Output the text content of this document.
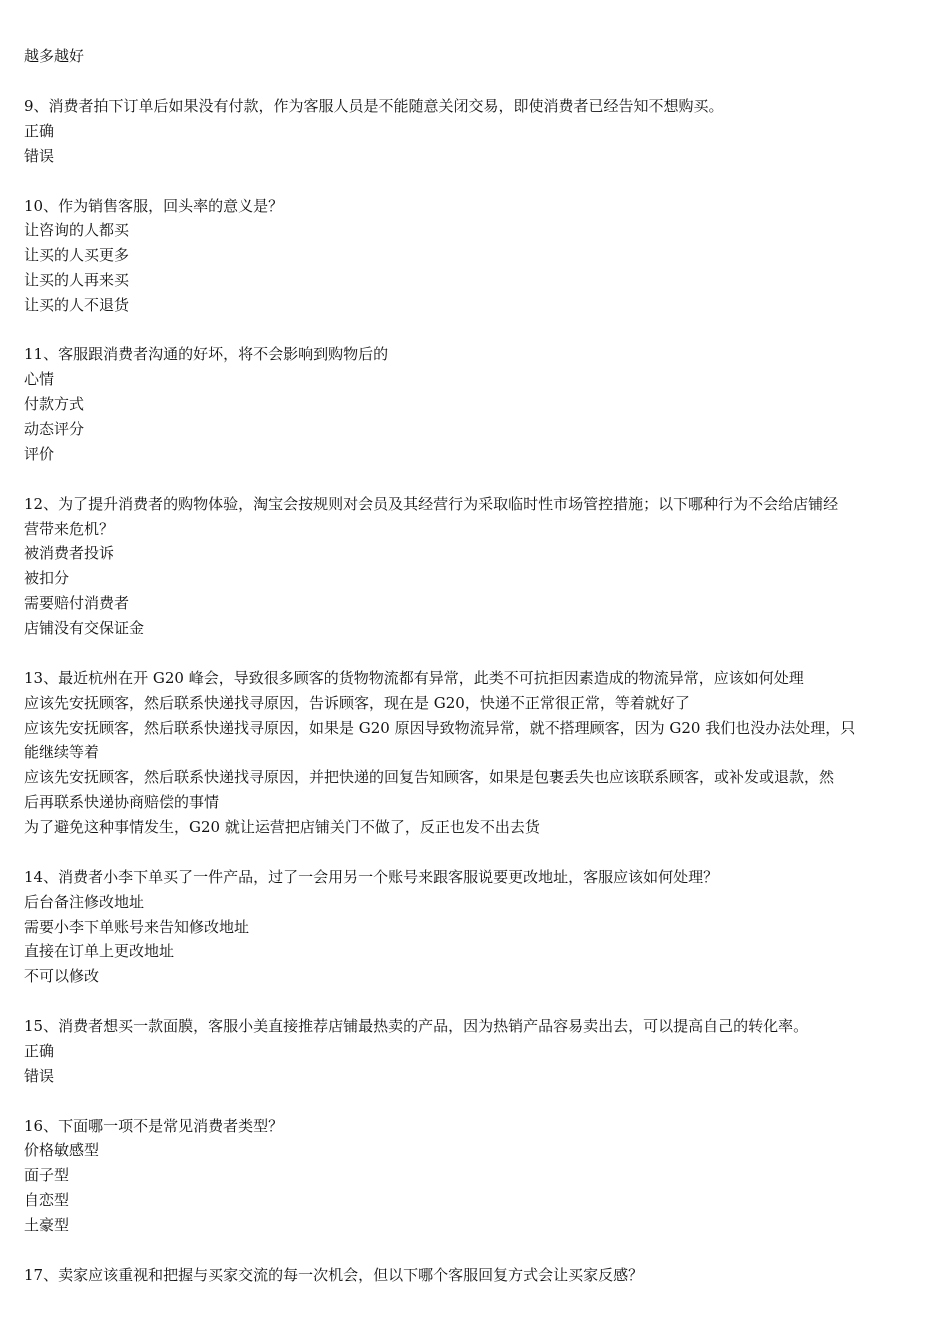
越多越好
9、消费者拍下订单后如果没有付款，作为客服人员是不能随意关闭交易，即使消费者已经告知不想购买。
正确
错误
10、作为销售客服，回头率的意义是？
让咨询的人都买
让买的人买更多
让买的人再来买
让买的人不退货
11、客服跟消费者沟通的好坏，将不会影响到购物后的
心情
付款方式
动态评分
评价
12、为了提升消费者的购物体验，淘宝会按规则对会员及其经营行为采取临时性市场管控措施；以下哪种行为不会给店铺经
营带来危机？
被消费者投诉
被扣分
需要赔付消费者
店铺没有交保证金
13、最近杭州在开 G20 峰会，导致很多顾客的货物物流都有异常，此类不可抗拒因素造成的物流异常，应该如何处理
应该先安抚顾客，然后联系快递找寻原因，告诉顾客，现在是 G20，快递不正常很正常，等着就好了
应该先安抚顾客，然后联系快递找寻原因，如果是 G20 原因导致物流异常，就不搭理顾客，因为 G20 我们也没办法处理，只
能继续等着
应该先安抚顾客，然后联系快递找寻原因，并把快递的回复告知顾客，如果是包裹丢失也应该联系顾客，或补发或退款，然
后再联系快递协商赔偿的事情
为了避免这种事情发生，G20 就让运营把店铺关门不做了，反正也发不出去货
14、消费者小李下单买了一件产品，过了一会用另一个账号来跟客服说要更改地址，客服应该如何处理？
后台备注修改地址
需要小李下单账号来告知修改地址
直接在订单上更改地址
不可以修改
15、消费者想买一款面膜，客服小美直接推荐店铺最热卖的产品，因为热销产品容易卖出去，可以提高自己的转化率。
正确
错误
16、下面哪一项不是常见消费者类型？
价格敏感型
面子型
自恋型
土豪型
17、卖家应该重视和把握与买家交流的每一次机会，但以下哪个客服回复方式会让买家反感？
